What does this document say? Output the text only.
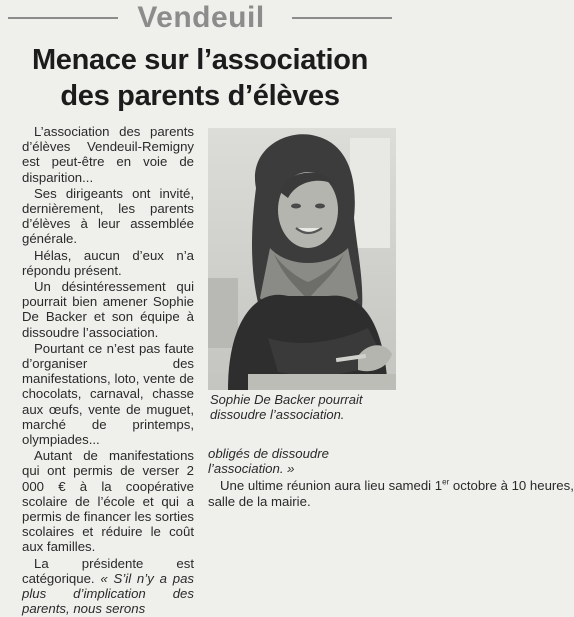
Vendeuil
Menace sur l’association
des parents d’élèves

L’association des parents d’élèves Vendeuil-Remigny est peut-être en voie de disparition...

Ses dirigeants ont invité, dernièrement, les parents d’élèves à leur assemblée générale.

Hélas, aucun d’eux n’a répondu présent.

Un désintéressement qui pourrait bien amener Sophie De Backer et son équipe à dissoudre l’association.

Pourtant ce n’est pas faute d’organiser des manifestations, loto, vente de chocolats, carnaval, chasse aux œufs, vente de muguet, marché de printemps, olympiades...

Autant de manifestations qui ont permis de verser 2 000 € à la coopérative scolaire de l’école et qui a permis de financer les sorties scolaires et réduire le coût aux familles.

La présidente est catégorique. « S’il n’y a pas plus d’implication des parents, nous serons

Sophie De Backer pourrait dissoudre l’association.

obligés de dissoudre l’association. »

Une ultime réunion aura lieu samedi 1er octobre à 10 heures,
salle de la mairie.
